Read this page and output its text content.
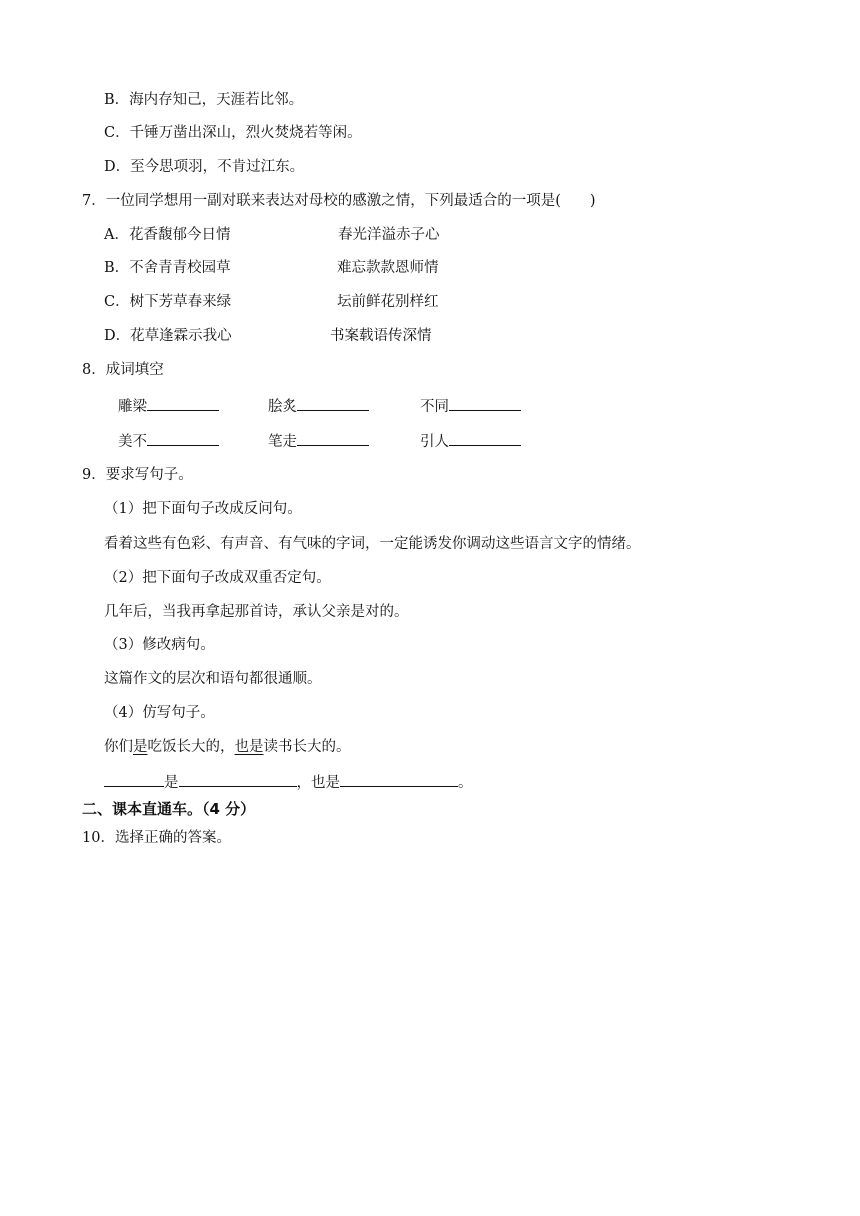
B．海内存知己，天涯若比邻。
C．千锤万凿出深山，烈火焚烧若等闲。
D．至今思项羽，不肯过江东。
7．一位同学想用一副对联来表达对母校的感激之情，下列最适合的一项是(　　)
A．花香馥郁今日情	春光洋溢赤子心
B．不舍青青校园草	难忘款款恩师情
C．树下芳草春来绿	坛前鲜花别样红
D．花草逢霖示我心	书案载语传深情
8．成词填空
雕梁	脍炙	不同
美不	笔走	引人
9．要求写句子。
（1）把下面句子改成反问句。
看着这些有色彩、有声音、有气味的字词，一定能诱发你调动这些语言文字的情绪。
（2）把下面句子改成双重否定句。
几年后，当我再拿起那首诗，承认父亲是对的。
（3）修改病句。
这篇作文的层次和语句都很通顺。
（4）仿写句子。
你们是吃饭长大的，也是读书长大的。
是	，也是	。
二、课本直通车。（4 分）
10．选择正确的答案。
